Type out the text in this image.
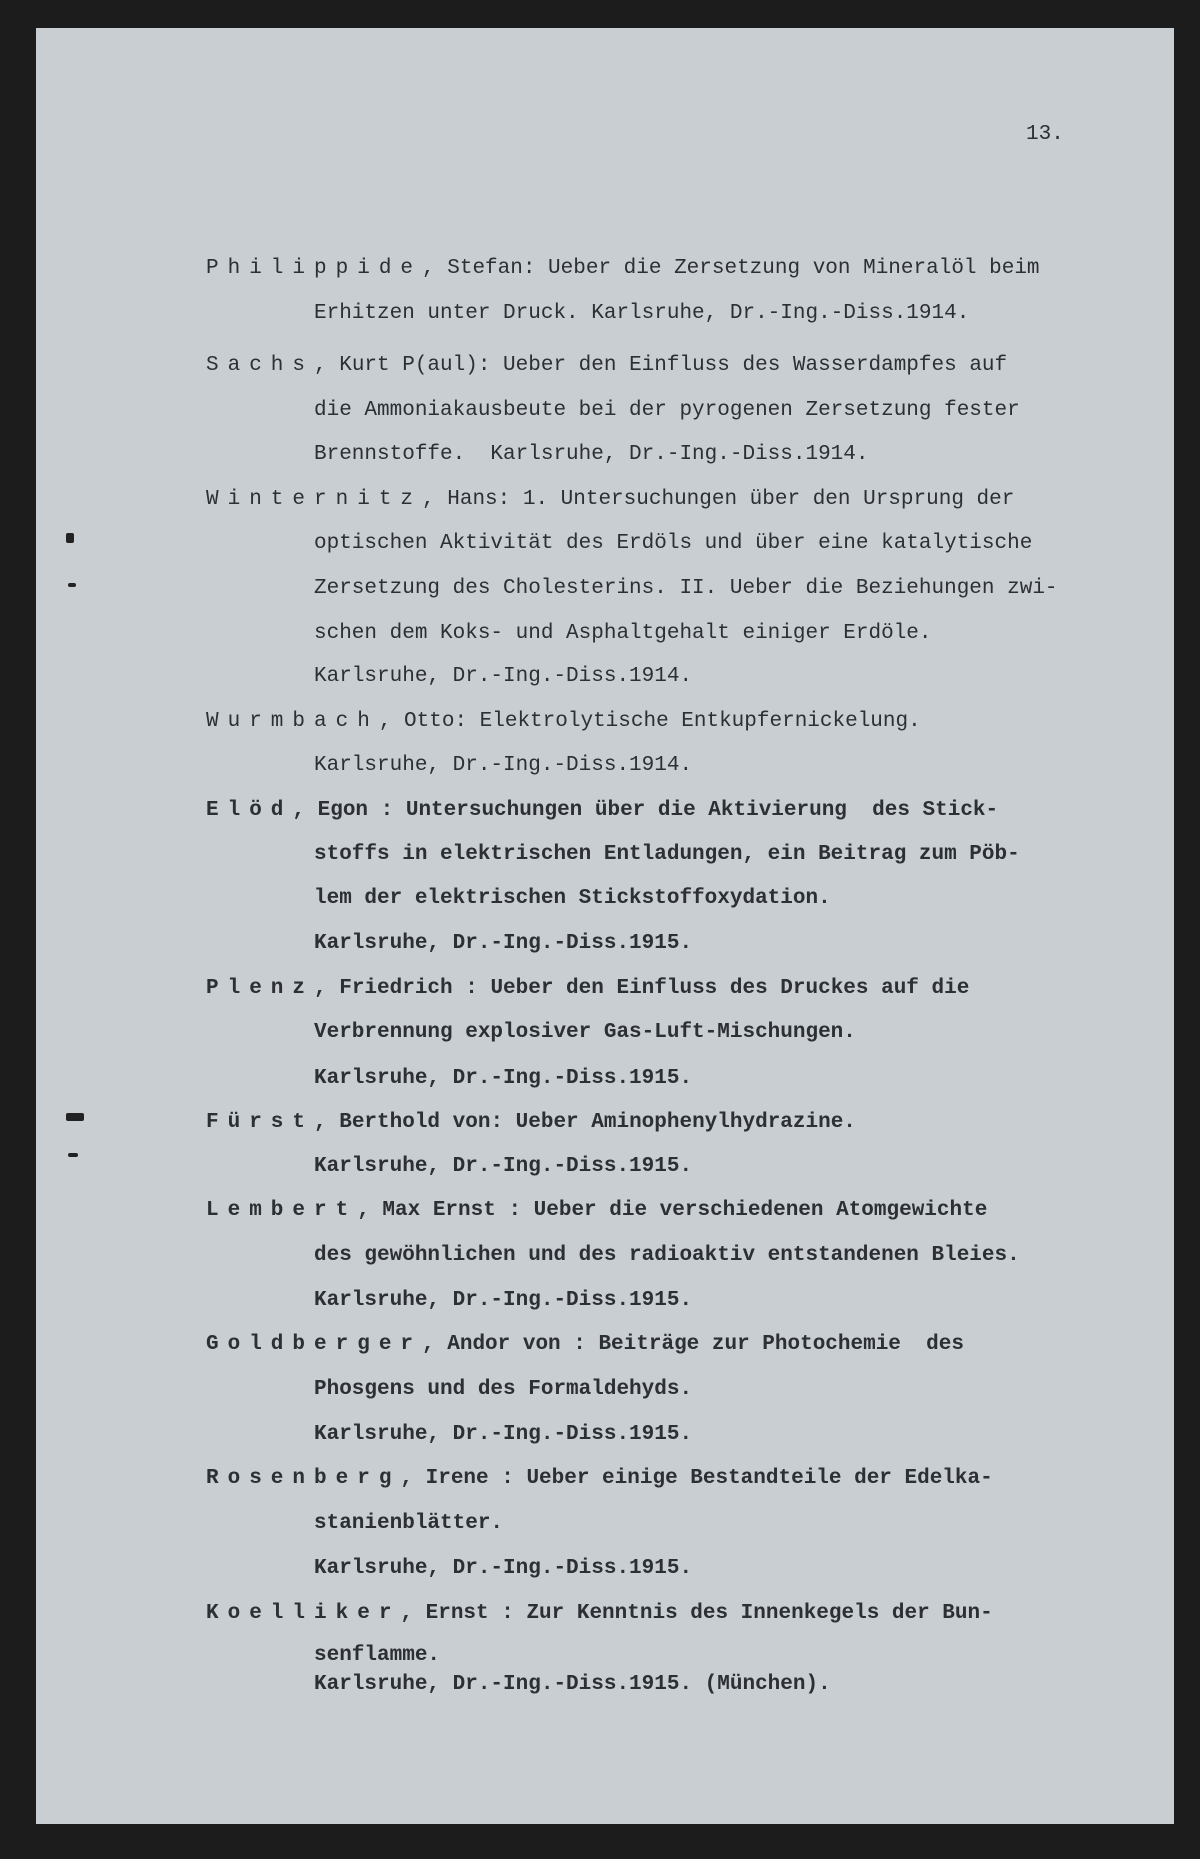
13.
Philippide, Stefan: Ueber die Zersetzung von Mineralöl beim
Erhitzen unter Druck. Karlsruhe, Dr.-Ing.-Diss.1914.
Sachs, Kurt P(aul): Ueber den Einfluss des Wasserdampfes auf
die Ammoniakausbeute bei der pyrogenen Zersetzung fester
Brennstoffe.  Karlsruhe, Dr.-Ing.-Diss.1914.
Winternitz, Hans: 1. Untersuchungen über den Ursprung der
optischen Aktivität des Erdöls und über eine katalytische
Zersetzung des Cholesterins. II. Ueber die Beziehungen zwi-
schen dem Koks- und Asphaltgehalt einiger Erdöle.
Karlsruhe, Dr.-Ing.-Diss.1914.
Wurmbach, Otto: Elektrolytische Entkupfernickelung.
Karlsruhe, Dr.-Ing.-Diss.1914.
Elöd, Egon : Untersuchungen über die Aktivierung  des Stick-
stoffs in elektrischen Entladungen, ein Beitrag zum Pöb-
lem der elektrischen Stickstoffoxydation.
Karlsruhe, Dr.-Ing.-Diss.1915.
Plenz, Friedrich : Ueber den Einfluss des Druckes auf die
Verbrennung explosiver Gas-Luft-Mischungen.
Karlsruhe, Dr.-Ing.-Diss.1915.
Fürst, Berthold von: Ueber Aminophenylhydrazine.
Karlsruhe, Dr.-Ing.-Diss.1915.
Lembert, Max Ernst : Ueber die verschiedenen Atomgewichte
des gewöhnlichen und des radioaktiv entstandenen Bleies.
Karlsruhe, Dr.-Ing.-Diss.1915.
Goldberger, Andor von : Beiträge zur Photochemie  des
Phosgens und des Formaldehyds.
Karlsruhe, Dr.-Ing.-Diss.1915.
Rosenberg, Irene : Ueber einige Bestandteile der Edelka-
stanienblätter.
Karlsruhe, Dr.-Ing.-Diss.1915.
Koelliker, Ernst : Zur Kenntnis des Innenkegels der Bun-
senflamme.
Karlsruhe, Dr.-Ing.-Diss.1915. (München).
